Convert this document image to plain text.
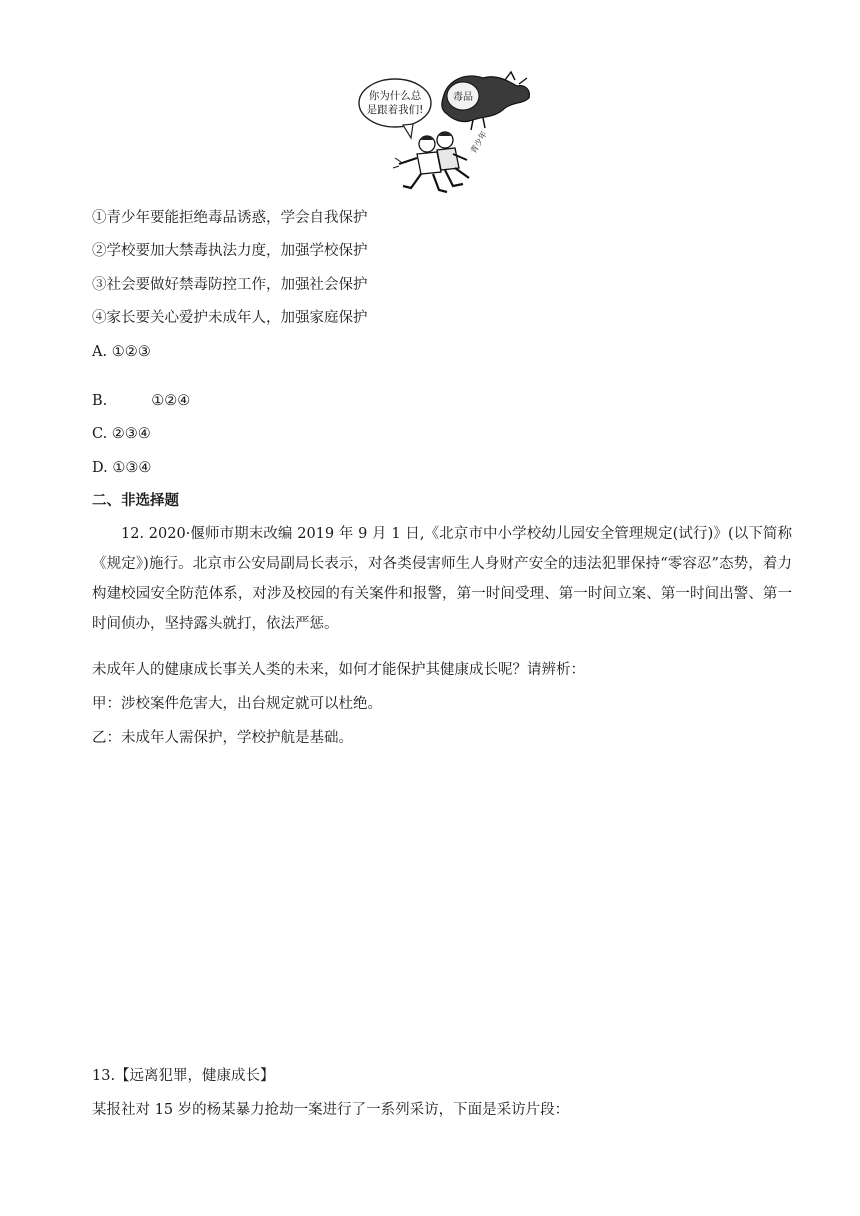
你为什么总
是跟着我们!
毒品
青少年
①青少年要能拒绝毒品诱惑，学会自我保护
②学校要加大禁毒执法力度，加强学校保护
③社会要做好禁毒防控工作，加强社会保护
④家长要关心爱护未成年人，加强家庭保护
A. ①②③
B.	①②④
C. ②③④
D. ①③④
二、非选择题
12. 2020·偃师市期末改编 2019 年 9 月 1 日,《北京市中小学校幼儿园安全管理规定(试行)》(以下简称《规定》)施行。北京市公安局副局长表示，对各类侵害师生人身财产安全的违法犯罪保持“零容忍”态势，着力构建校园安全防范体系，对涉及校园的有关案件和报警，第一时间受理、第一时间立案、第一时间出警、第一时间侦办，坚持露头就打，依法严惩。
未成年人的健康成长事关人类的未来，如何才能保护其健康成长呢？请辨析：
甲：涉校案件危害大，出台规定就可以杜绝。
乙：未成年人需保护，学校护航是基础。
13.【远离犯罪，健康成长】
某报社对 15 岁的杨某暴力抢劫一案进行了一系列采访，下面是采访片段：
